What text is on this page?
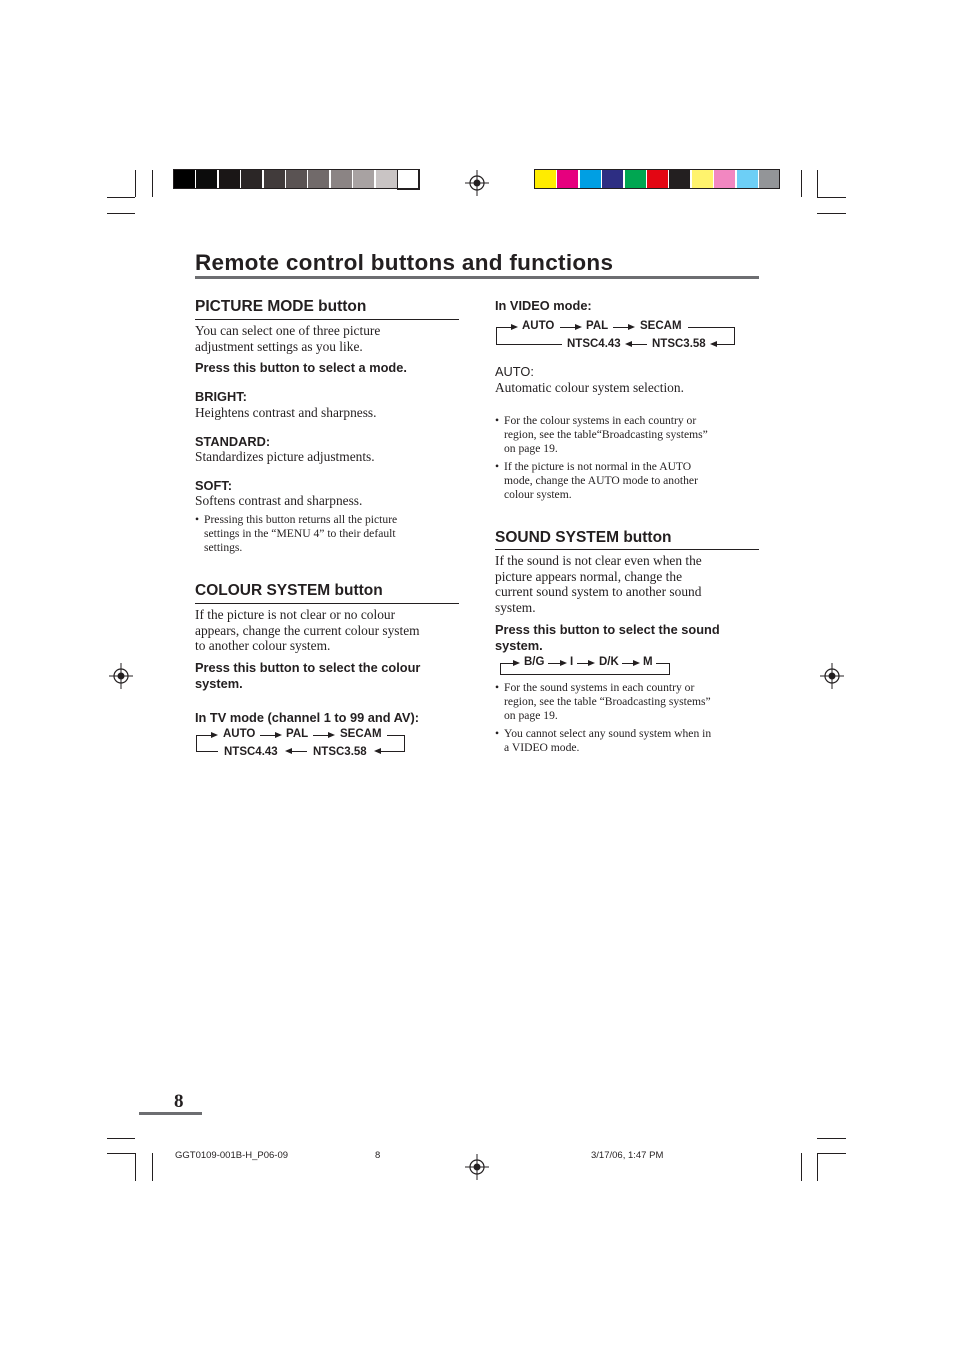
Remote control buttons and functions
PICTURE MODE button
You can select one of three picture
adjustment settings as you like.
Press this button to select a mode.
BRIGHT:
Heightens contrast and sharpness.
STANDARD:
Standardizes picture adjustments.
SOFT:
Softens contrast and sharpness.
• Pressing this button returns all the picture
settings in the “MENU 4” to their default
settings.
COLOUR SYSTEM button
If the picture is not clear or no colour
appears, change the current colour system
to another colour system.
Press this button to select the colour
system.
In TV mode (channel 1 to 99 and AV):
AUTO	PAL	SECAM
NTSC3.58
NTSC4.43
In VIDEO mode:
AUTO	PAL	SECAM
NTSC3.58
NTSC4.43
AUTO:
Automatic colour system selection.
• For the colour systems in each country or
region, see the table“Broadcasting systems”
on page 19.
• If the picture is not normal in the AUTO
mode, change the AUTO mode to another
colour system.
SOUND SYSTEM button
If the sound is not clear even when the
picture appears normal, change the
current sound system to another sound
system.
Press this button to select the sound
system.
B/G I D/K M
• For the sound systems in each country or
region, see the table “Broadcasting systems”
on page 19.
• You cannot select any sound system when in
a VIDEO mode.
8
GGT0109-001B-H_P06-09	8	3/17/06, 1:47 PM
